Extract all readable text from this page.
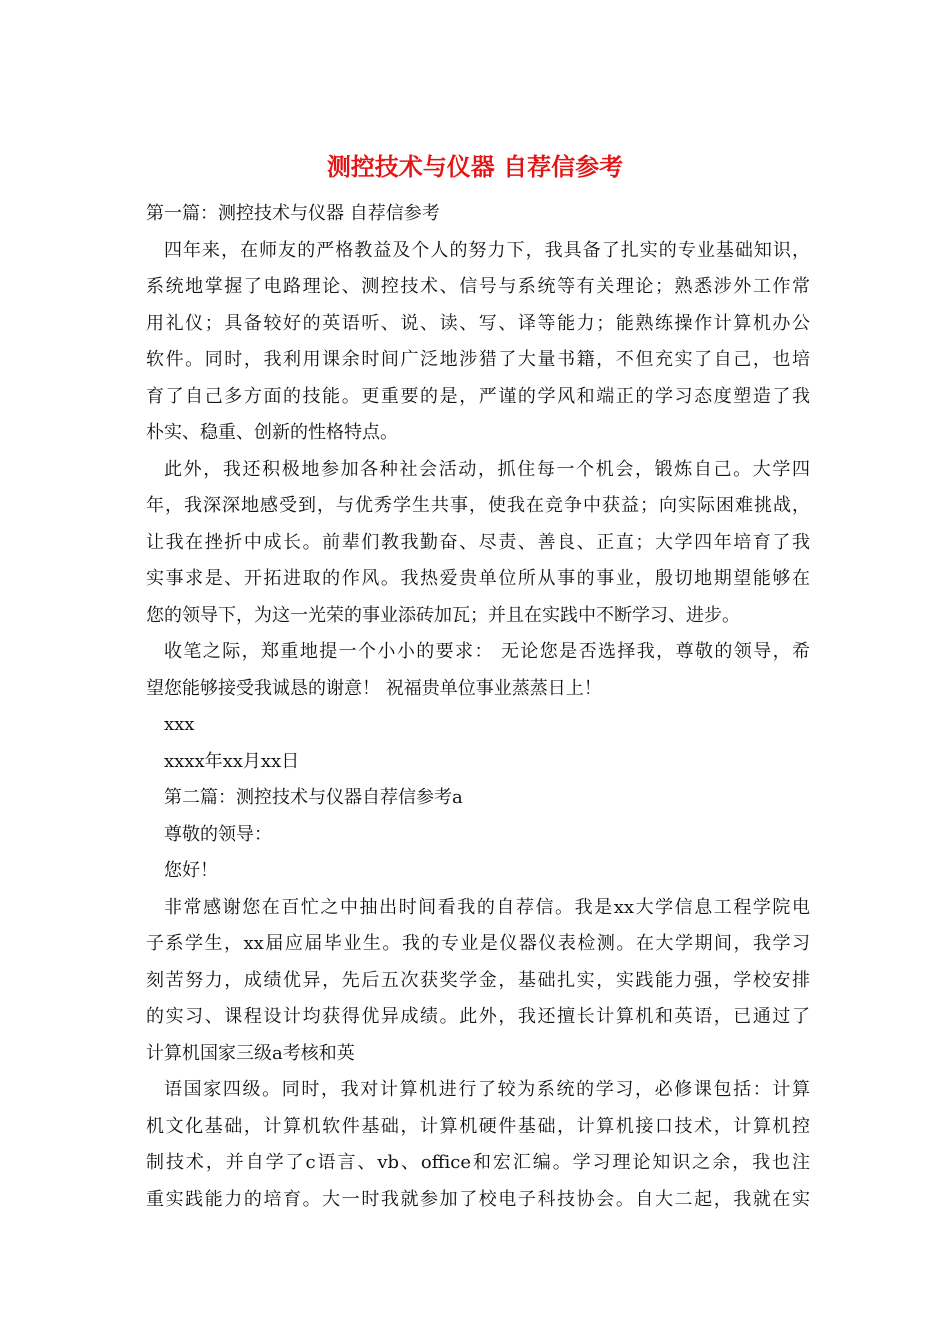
测控技术与仪器 自荐信参考

第一篇：测控技术与仪器 自荐信参考

四年来，在师友的严格教益及个人的努力下，我具备了扎实的专业基础知识，

系统地掌握了电路理论、测控技术、信号与系统等有关理论；熟悉涉外工作常

用礼仪；具备较好的英语听、说、读、写、译等能力；能熟练操作计算机办公

软件。同时，我利用课余时间广泛地涉猎了大量书籍，不但充实了自己，也培

育了自己多方面的技能。更重要的是，严谨的学风和端正的学习态度塑造了我

朴实、稳重、创新的性格特点。

此外，我还积极地参加各种社会活动，抓住每一个机会，锻炼自己。大学四

年，我深深地感受到，与优秀学生共事，使我在竞争中获益；向实际困难挑战，

让我在挫折中成长。前辈们教我勤奋、尽责、善良、正直；大学四年培育了我

实事求是、开拓进取的作风。我热爱贵单位所从事的事业，殷切地期望能够在

您的领导下，为这一光荣的事业添砖加瓦；并且在实践中不断学习、进步。

收笔之际，郑重地提一个小小的要求： 无论您是否选择我，尊敬的领导，希

望您能够接受我诚恳的谢意！ 祝福贵单位事业蒸蒸日上！

xxx

xxxx年xx月xx日

第二篇：测控技术与仪器自荐信参考a

尊敬的领导：

您好！

非常感谢您在百忙之中抽出时间看我的自荐信。我是xx大学信息工程学院电

子系学生，xx届应届毕业生。我的专业是仪器仪表检测。在大学期间，我学习

刻苦努力，成绩优异，先后五次获奖学金，基础扎实，实践能力强，学校安排

的实习、课程设计均获得优异成绩。此外，我还擅长计算机和英语，已通过了

计算机国家三级a考核和英

语国家四级。同时，我对计算机进行了较为系统的学习，必修课包括：计算

机文化基础，计算机软件基础，计算机硬件基础，计算机接口技术，计算机控

制技术，并自学了c语言、vb、office和宏汇编。学习理论知识之余，我也注

重实践能力的培育。大一时我就参加了校电子科技协会。自大二起，我就在实
